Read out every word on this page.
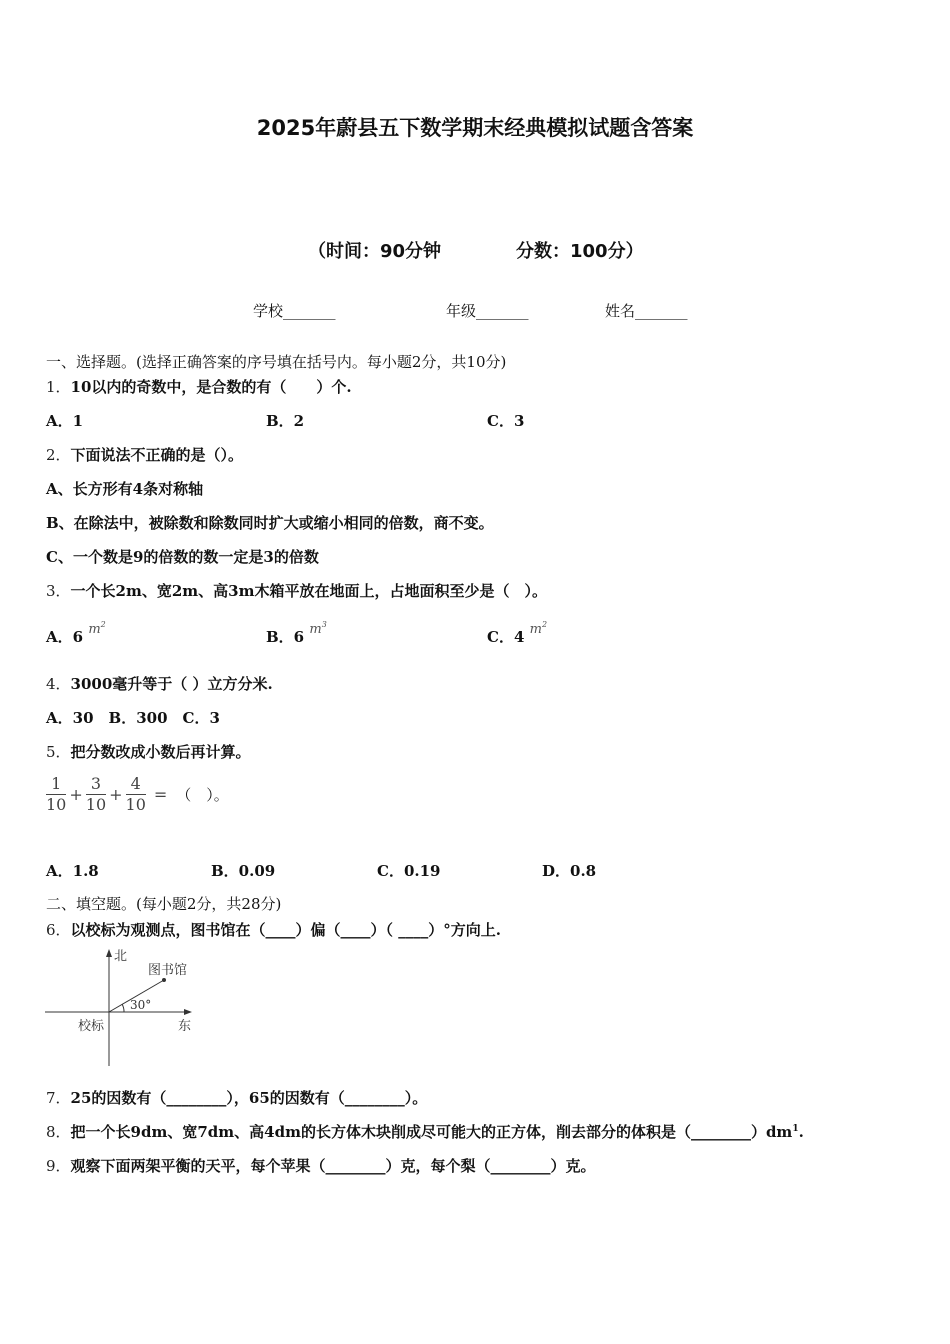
2025年蔚县五下数学期末经典模拟试题含答案
（时间：90分钟	分数：100分）
学校_______	年级_______	姓名_______
一、选择题。(选择正确答案的序号填在括号内。每小题2分，共10分)
1．10以内的奇数中，是合数的有（　　）个.
A．1	B．2	C．3
2．下面说法不正确的是（）。
A、长方形有4条对称轴
B、在除法中，被除数和除数同时扩大或缩小相同的倍数，商不变。
C、一个数是9的倍数的数一定是3的倍数
3．一个长2m、宽2m、高3m木箱平放在地面上，占地面积至少是（　）。
A．6 $m^2$
B．6 $m^3$
C．4 $m^2$
4．3000毫升等于（ ）立方分米.
A．30　B．300　C．3
5．把分数改成小数后再计算。
$\frac{1}{10} + \frac{3}{10} + \frac{4}{10}$ = （　）。
A．1.8	B．0.09	C．0.19	D．0.8
二、填空题。(每小题2分，共28分)
6．以校标为观测点，图书馆在（____）偏（____）（ ____）°方向上.
北
东
校标
图书馆
30°
7．25的因数有（________），65的因数有（________）。
8．把一个长9dm、宽7dm、高4dm的长方体木块削成尽可能大的正方体，削去部分的体积是$(\_\_\_\_\_\_\_\_)dm^1$.
9．观察下面两架平衡的天平，每个苹果（________）克，每个梨（________）克。
